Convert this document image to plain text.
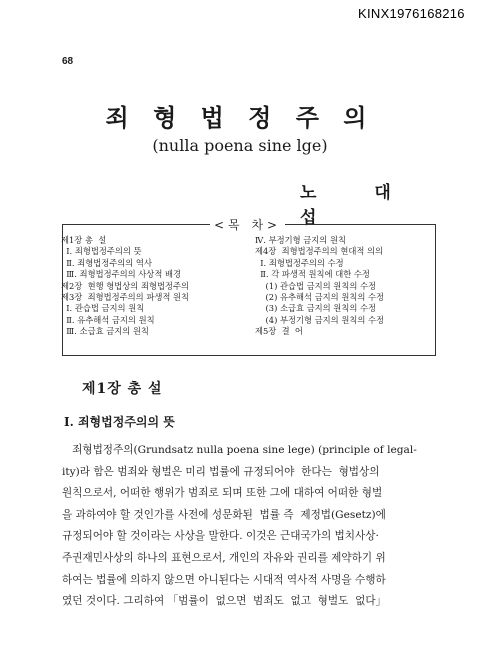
KINX1976168216
68
죄 형 법 정 주 의
(nulla poena sine lge)
노 대 섭
제1장 총  설
Ⅰ. 죄형법정주의의 뜻
Ⅱ. 죄형법정주의의 역사
Ⅲ. 죄형법정주의의 사상적 배경
제2장  현행 형법상의 죄형법정주의
제3장  죄형법정주의의 파생적 원칙
Ⅰ. 관습법 금지의 원칙
Ⅱ. 유추해석 금지의 원칙
Ⅲ. 소급효 금지의 원칙
Ⅳ. 부정기형 금지의 원칙
제4장  죄형법정주의의 현대적 의의
Ⅰ. 죄형법정주의의 수정
Ⅱ. 각 파생적 원칙에 대한 수정
(1) 관습법 금지의 원칙의 수정
(2) 유추해석 금지의 원칙의 수정
(3) 소급효 금지의 원칙의 수정
(4) 부정기형 금지의 원칙의 수정
제5장  결  어
<목 차>
제1장 총 설
Ⅰ. 죄형법정주의의 뜻
죄형법정주의(Grundsatz nulla poena sine lege) (principle of legal-
ity)라 함은 범죄와 형벌은 미리 법률에 규정되어야  한다는  형법상의
원칙으로서, 어떠한 행위가 범죄로 되며 또한 그에 대하여 어떠한 형벌
을 과하여야 할 것인가를 사전에 성문화된  법률 즉  제정법(Gesetz)에
규정되어야 할 것이라는 사상을 말한다. 이것은 근대국가의 법치사상·
주권재민사상의 하나의 표현으로서, 개인의 자유와 권리를 제약하기 위
하여는 법률에 의하지 않으면 아니된다는 시대적 역사적 사명을 수행하
였던 것이다. 그리하여 「범률이  없으면  범죄도  없고  형벌도  없다」
